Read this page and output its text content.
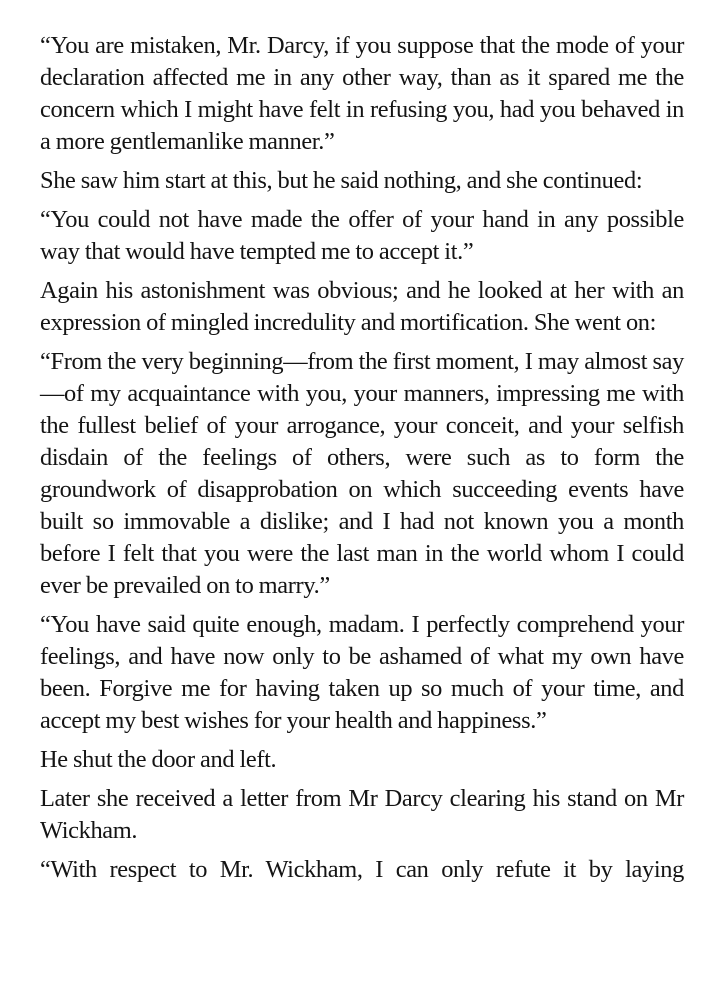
“You are mistaken, Mr. Darcy, if you suppose that the mode of your declaration affected me in any other way, than as it spared me the concern which I might have felt in refusing you, had you behaved in a more gentlemanlike manner.”

She saw him start at this, but he said nothing, and she continued:

“You could not have made the offer of your hand in any possible way that would have tempted me to accept it.”

Again his astonishment was obvious; and he looked at her with an expression of mingled incredulity and mortification. She went on:

“From the very beginning—from the first moment, I may almost say—of my acquaintance with you, your manners, impressing me with the fullest belief of your arrogance, your conceit, and your selfish disdain of the feelings of others, were such as to form the groundwork of disapprobation on which succeeding events have built so immovable a dislike; and I had not known you a month before I felt that you were the last man in the world whom I could ever be prevailed on to marry.”

“You have said quite enough, madam. I perfectly comprehend your feelings, and have now only to be ashamed of what my own have been. Forgive me for having taken up so much of your time, and accept my best wishes for your health and happiness.”

He shut the door and left.

Later she received a letter from Mr Darcy clearing his stand on Mr Wickham.

“With respect to Mr. Wickham, I can only refute it by laying
